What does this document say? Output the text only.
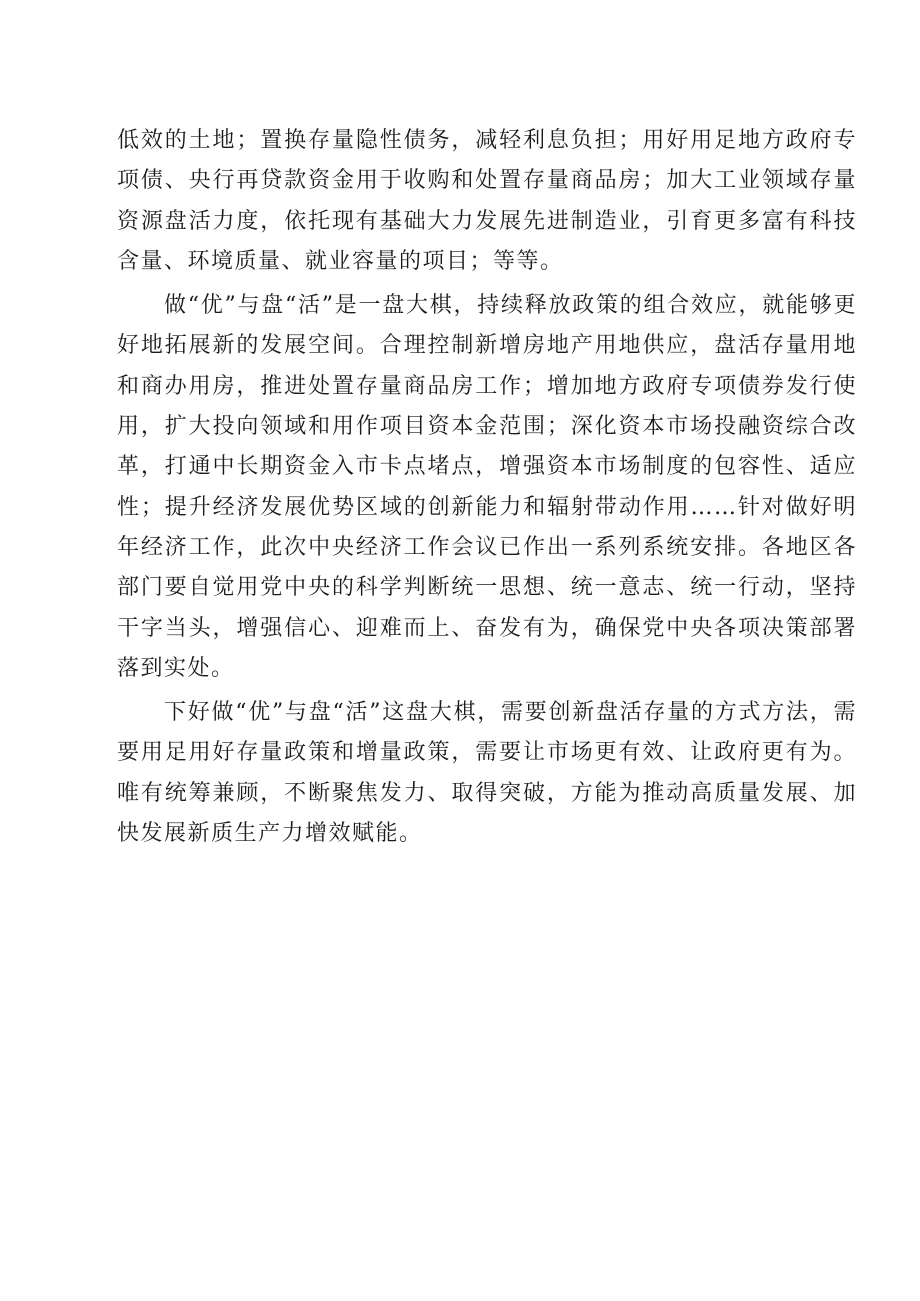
低效的土地；置换存量隐性债务，减轻利息负担；用好用足地方政府专项债、央行再贷款资金用于收购和处置存量商品房；加大工业领域存量资源盘活力度，依托现有基础大力发展先进制造业，引育更多富有科技含量、环境质量、就业容量的项目；等等。

做“优”与盘“活”是一盘大棋，持续释放政策的组合效应，就能够更好地拓展新的发展空间。合理控制新增房地产用地供应，盘活存量用地和商办用房，推进处置存量商品房工作；增加地方政府专项债券发行使用，扩大投向领域和用作项目资本金范围；深化资本市场投融资综合改革，打通中长期资金入市卡点堵点，增强资本市场制度的包容性、适应性；提升经济发展优势区域的创新能力和辐射带动作用……针对做好明年经济工作，此次中央经济工作会议已作出一系列系统安排。各地区各部门要自觉用党中央的科学判断统一思想、统一意志、统一行动，坚持干字当头，增强信心、迎难而上、奋发有为，确保党中央各项决策部署落到实处。

下好做“优”与盘“活”这盘大棋，需要创新盘活存量的方式方法，需要用足用好存量政策和增量政策，需要让市场更有效、让政府更有为。唯有统筹兼顾，不断聚焦发力、取得突破，方能为推动高质量发展、加快发展新质生产力增效赋能。
